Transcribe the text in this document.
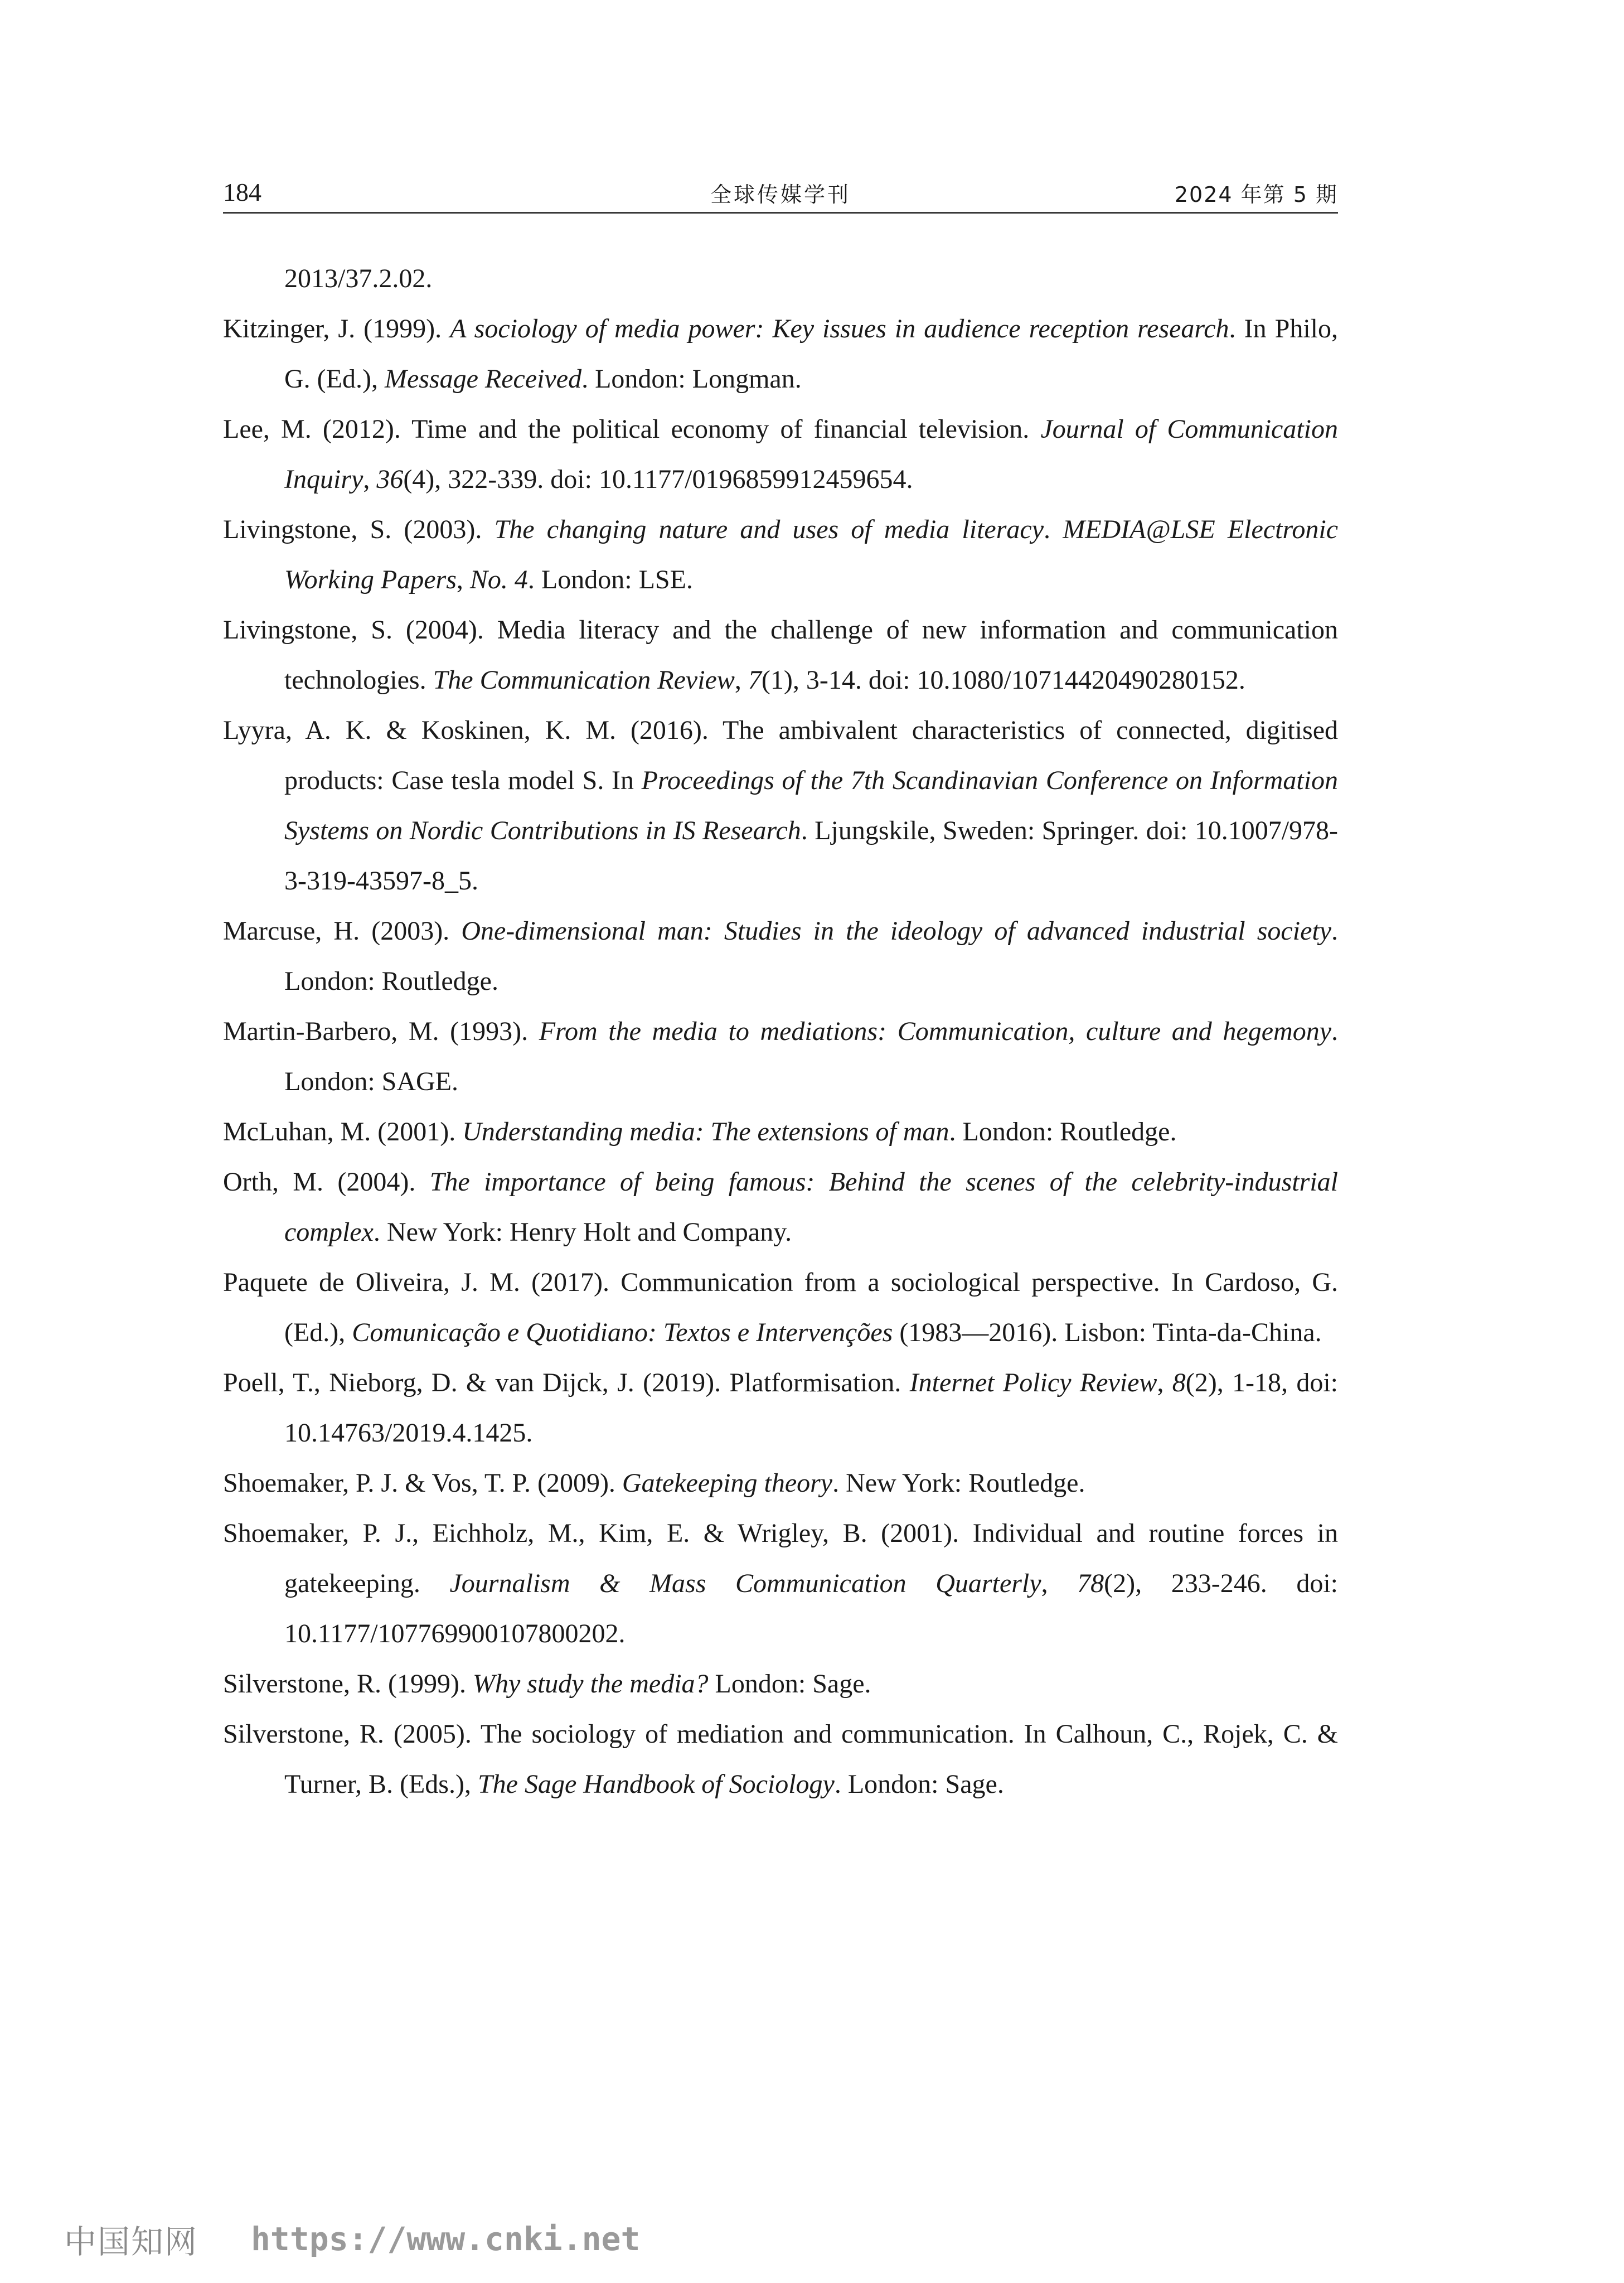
184	全球传媒学刊	2024 年第 5 期

2013/37.2.02.

Kitzinger, J. (1999). A sociology of media power: Key issues in audience reception research. In Philo, G. (Ed.), Message Received. London: Longman.

Lee, M. (2012). Time and the political economy of financial television. Journal of Communication Inquiry, 36(4), 322-339. doi: 10.1177/0196859912459654.

Livingstone, S. (2003). The changing nature and uses of media literacy. MEDIA@LSE Electronic Working Papers, No. 4. London: LSE.

Livingstone, S. (2004). Media literacy and the challenge of new information and communication technologies. The Communication Review, 7(1), 3-14. doi: 10.1080/10714420490280152.

Lyyra, A. K. & Koskinen, K. M. (2016). The ambivalent characteristics of connected, digitised products: Case tesla model S. In Proceedings of the 7th Scandinavian Conference on Information Systems on Nordic Contributions in IS Research. Ljungskile, Sweden: Springer. doi: 10.1007/978-3-319-43597-8_5.

Marcuse, H. (2003). One-dimensional man: Studies in the ideology of advanced industrial society. London: Routledge.

Martin-Barbero, M. (1993). From the media to mediations: Communication, culture and hegemony. London: SAGE.

McLuhan, M. (2001). Understanding media: The extensions of man. London: Routledge.

Orth, M. (2004). The importance of being famous: Behind the scenes of the celebrity-industrial complex. New York: Henry Holt and Company.

Paquete de Oliveira, J. M. (2017). Communication from a sociological perspective. In Cardoso, G. (Ed.), Comunicação e Quotidiano: Textos e Intervenções (1983—2016). Lisbon: Tinta-da-China.

Poell, T., Nieborg, D. & van Dijck, J. (2019). Platformisation. Internet Policy Review, 8(2), 1-18, doi: 10.14763/2019.4.1425.

Shoemaker, P. J. & Vos, T. P. (2009). Gatekeeping theory. New York: Routledge.

Shoemaker, P. J., Eichholz, M., Kim, E. & Wrigley, B. (2001). Individual and routine forces in gatekeeping. Journalism & Mass Communication Quarterly, 78(2), 233-246. doi: 10.1177/107769900107800202.

Silverstone, R. (1999). Why study the media? London: Sage.

Silverstone, R. (2005). The sociology of mediation and communication. In Calhoun, C., Rojek, C. & Turner, B. (Eds.), The Sage Handbook of Sociology. London: Sage.

中国知网 https://www.cnki.net
